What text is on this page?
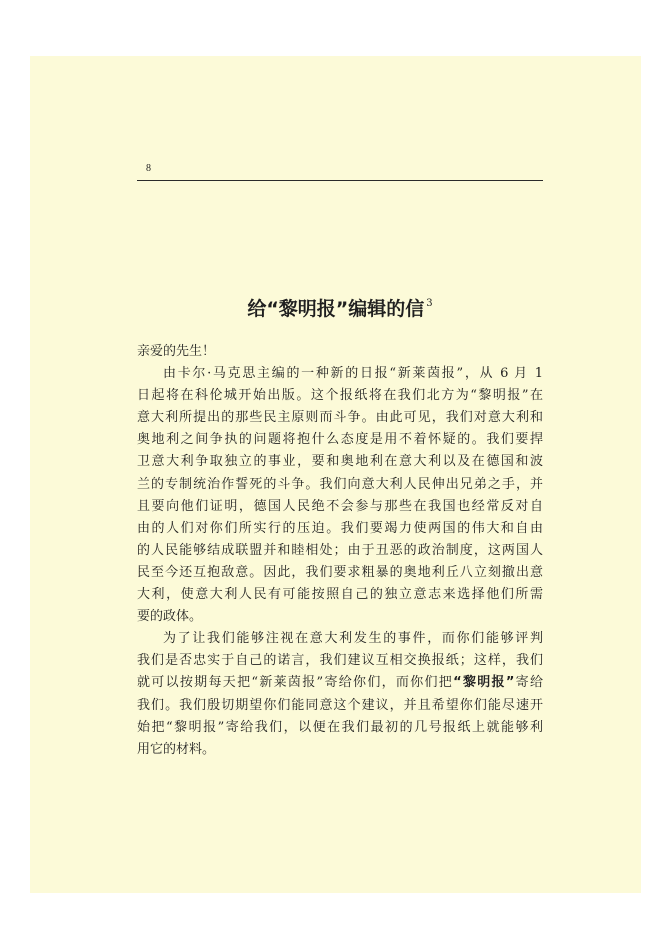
8
给“黎明报”编辑的信 $^3$
亲爱的先生！
由卡尔·马克思主编的一种新的日报“新莱茵报”，从 6 月 1
日起将在科伦城开始出版。这个报纸将在我们北方为“黎明报”在
意大利所提出的那些民主原则而斗争。由此可见，我们对意大利和
奥地利之间争执的问题将抱什么态度是用不着怀疑的。我们要捍
卫意大利争取独立的事业，要和奥地利在意大利以及在德国和波
兰的专制统治作誓死的斗争。我们向意大利人民伸出兄弟之手，并
且要向他们证明，德国人民绝不会参与那些在我国也经常反对自
由的人们对你们所实行的压迫。我们要竭力使两国的伟大和自由
的人民能够结成联盟并和睦相处；由于丑恶的政治制度，这两国人
民至今还互抱敌意。因此，我们要求粗暴的奥地利丘八立刻撤出意
大利，使意大利人民有可能按照自己的独立意志来选择他们所需
要的政体。
为了让我们能够注视在意大利发生的事件，而你们能够评判
我们是否忠实于自己的诺言，我们建议互相交换报纸；这样，我们
就可以按期每天把“新莱茵报”寄给你们，而你们把“黎明报”寄给
我们。我们殷切期望你们能同意这个建议，并且希望你们能尽速开
始把“黎明报”寄给我们，以便在我们最初的几号报纸上就能够利
用它的材料。
